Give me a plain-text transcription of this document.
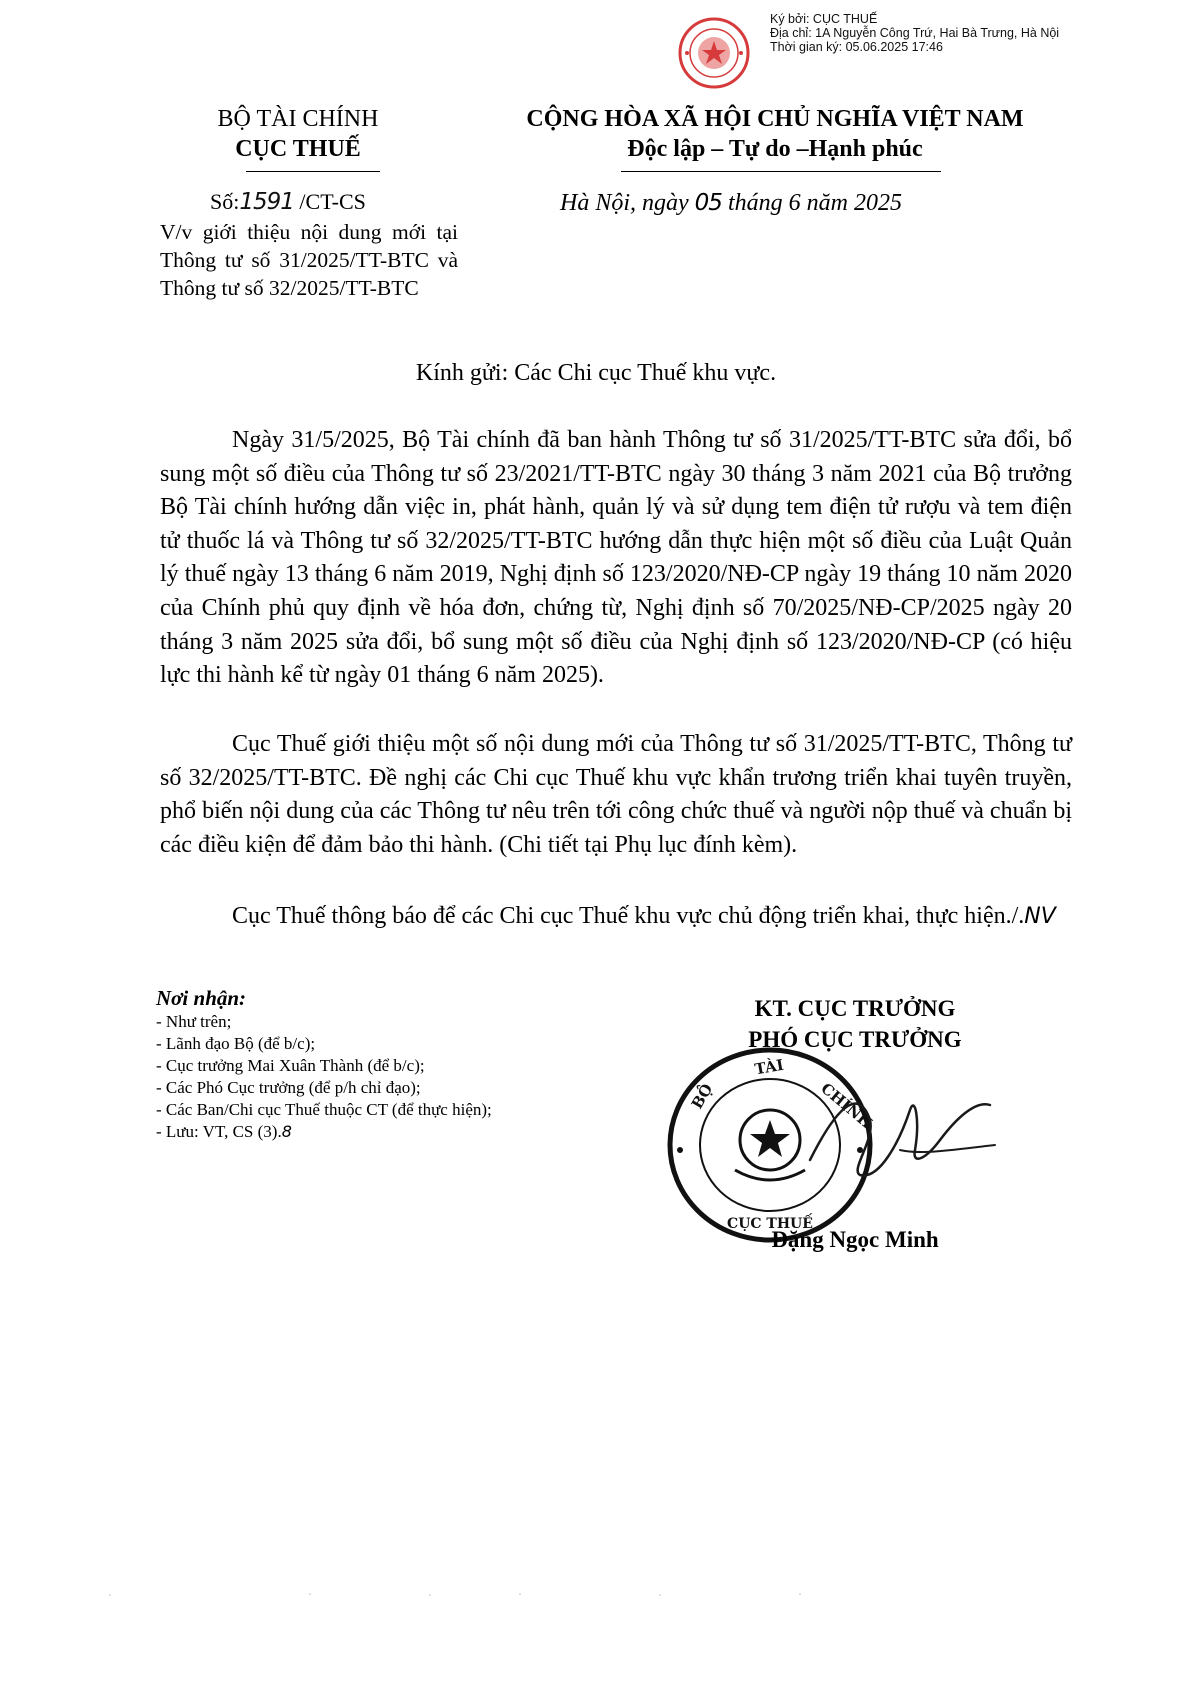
Ký bởi: CỤC THUẾ
Địa chỉ: 1A Nguyễn Công Trứ, Hai Bà Trưng, Hà Nội
Thời gian ký: 05.06.2025 17:46
BỘ TÀI CHÍNH
CỤC THUẾ
CỘNG HÒA XÃ HỘI CHỦ NGHĨA VIỆT NAM
Độc lập – Tự do –Hạnh phúc
Số:1591 /CT-CS
V/v giới thiệu nội dung mới tại Thông tư số 31/2025/TT-BTC và Thông tư số 32/2025/TT-BTC
Hà Nội, ngày 05 tháng 6 năm 2025
Kính gửi: Các Chi cục Thuế khu vực.
Ngày 31/5/2025, Bộ Tài chính đã ban hành Thông tư số 31/2025/TT-BTC sửa đổi, bổ sung một số điều của Thông tư số 23/2021/TT-BTC ngày 30 tháng 3 năm 2021 của Bộ trưởng Bộ Tài chính hướng dẫn việc in, phát hành, quản lý và sử dụng tem điện tử rượu và tem điện tử thuốc lá và Thông tư số 32/2025/TT-BTC hướng dẫn thực hiện một số điều của Luật Quản lý thuế ngày 13 tháng 6 năm 2019, Nghị định số 123/2020/NĐ-CP ngày 19 tháng 10 năm 2020 của Chính phủ quy định về hóa đơn, chứng từ, Nghị định số 70/2025/NĐ-CP/2025 ngày 20 tháng 3 năm 2025 sửa đổi, bổ sung một số điều của Nghị định số 123/2020/NĐ-CP (có hiệu lực thi hành kể từ ngày 01 tháng 6 năm 2025).
Cục Thuế giới thiệu một số nội dung mới của Thông tư số 31/2025/TT-BTC, Thông tư số 32/2025/TT-BTC. Đề nghị các Chi cục Thuế khu vực khẩn trương triển khai tuyên truyền, phổ biến nội dung của các Thông tư nêu trên tới công chức thuế và người nộp thuế và chuẩn bị các điều kiện để đảm bảo thi hành. (Chi tiết tại Phụ lục đính kèm).
Cục Thuế thông báo để các Chi cục Thuế khu vực chủ động triển khai, thực hiện./.NV
Nơi nhận:
- Như trên;
- Lãnh đạo Bộ (để b/c);
- Cục trưởng Mai Xuân Thành (để b/c);
- Các Phó Cục trưởng (để p/h chỉ đạo);
- Các Ban/Chi cục Thuế thuộc CT (để thực hiện);
- Lưu: VT, CS (3).8
KT. CỤC TRƯỞNG
PHÓ CỤC TRƯỞNG
TÀI
BỘ	CHÍNH
CỤC THUẾ
Đặng Ngọc Minh
